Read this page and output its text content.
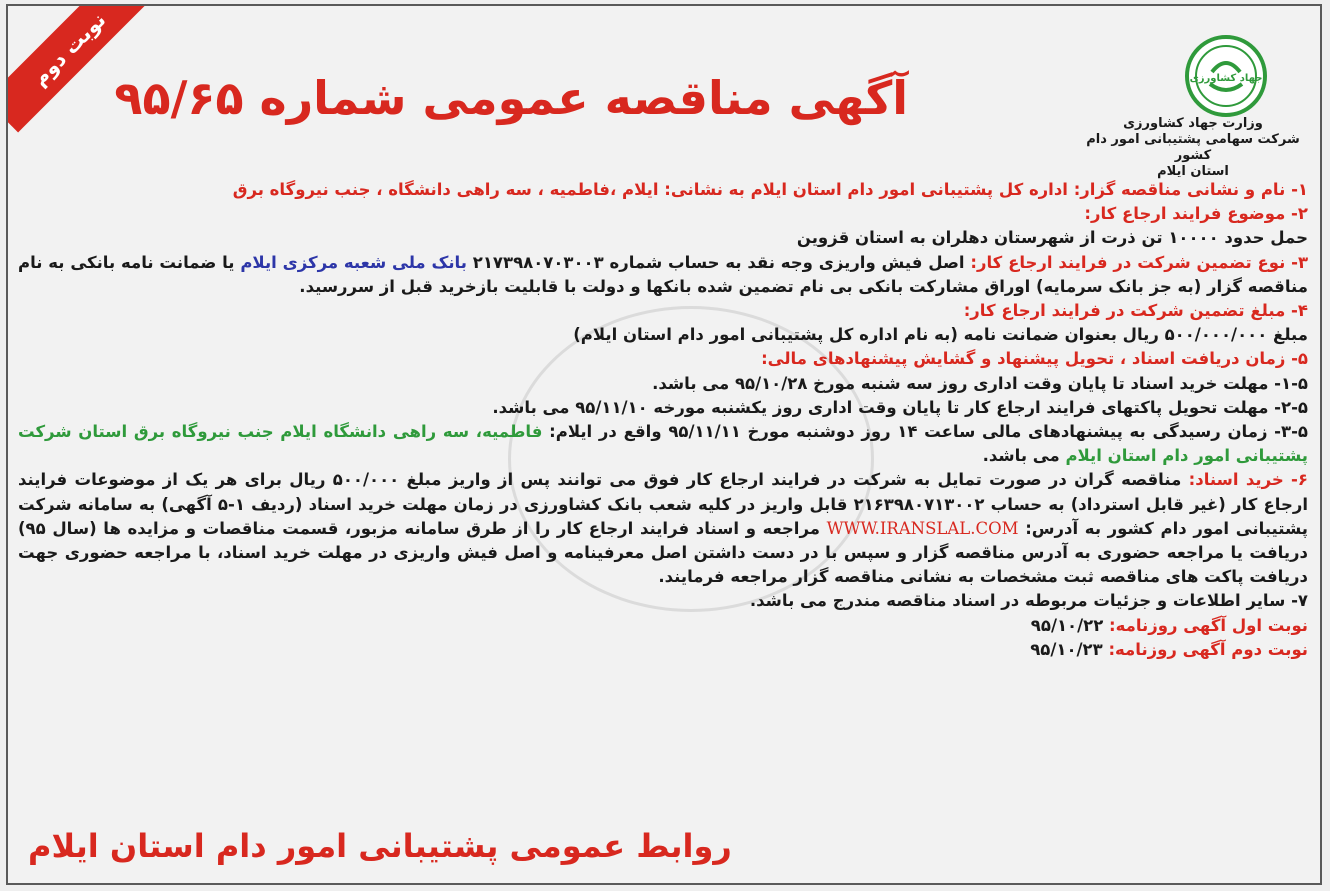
نوبت دوم
آگهی مناقصه عمومی شماره ۹۵/۶۵	جهاد کشاورزی
وزارت جهاد کشاورزی
شرکت سهامی پشتیبانی امور دام کشور
استان ایلام

۱- نام و نشانی مناقصه گزار: اداره کل پشتیبانی امور دام استان ایلام به نشانی: ایلام ،فاطمیه ، سه راهی دانشگاه ، جنب نیروگاه برق

۲- موضوع فرایند ارجاع کار:

حمل حدود ۱۰۰۰۰ تن ذرت از شهرستان دهلران به استان قزوین

۳- نوع تضمین شرکت در فرایند ارجاع کار: اصل فیش واریزی وجه نقد به حساب شماره ۲۱۷۳۹۸۰۷۰۳۰۰۳ بانک ملی شعبه مرکزی ایلام یا ضمانت نامه بانکی به نام مناقصه گزار (به جز بانک سرمایه) اوراق مشارکت بانکی بی نام تضمین شده بانکها و دولت با قابلیت بازخرید قبل از سررسید.

۴- مبلغ تضمین شرکت در فرایند ارجاع کار:

مبلغ ۵۰۰/۰۰۰/۰۰۰ ریال بعنوان ضمانت نامه (به نام اداره کل پشتیبانی امور دام استان ایلام)

۵- زمان دریافت اسناد ، تحویل پیشنهاد و گشایش پیشنهادهای مالی:

۱-۵- مهلت خرید اسناد تا پایان وقت اداری روز سه شنبه مورخ ۹۵/۱۰/۲۸ می باشد.

۲-۵- مهلت تحویل پاکتهای فرایند ارجاع کار تا پایان وقت اداری روز یکشنبه مورخه ۹۵/۱۱/۱۰ می باشد.

۳-۵- زمان رسیدگی به پیشنهادهای مالی ساعت ۱۴ روز دوشنبه مورخ ۹۵/۱۱/۱۱ واقع در ایلام: فاطمیه، سه راهی دانشگاه ایلام جنب نیروگاه برق استان شرکت پشتیبانی امور دام استان ایلام می باشد.

۶- خرید اسناد: مناقصه گران در صورت تمایل به شرکت در فرایند ارجاع کار فوق می توانند پس از واریز مبلغ ۵۰۰/۰۰۰ ریال برای هر یک از موضوعات فرایند ارجاع کار (غیر قابل استرداد) به حساب ۲۱۶۳۹۸۰۷۱۳۰۰۲ قابل واریز در کلیه شعب بانک کشاورزی در زمان مهلت خرید اسناد (ردیف ۱-۵ آگهی) به سامانه شرکت پشتیبانی امور دام کشور به آدرس: WWW.IRANSLAL.COM مراجعه و اسناد فرایند ارجاع کار را از طرق سامانه مزبور، قسمت مناقصات و مزایده ها (سال ۹۵) دریافت یا مراجعه حضوری به آدرس مناقصه گزار و سپس با در دست داشتن اصل معرفینامه و اصل فیش واریزی در مهلت خرید اسناد، با مراجعه حضوری جهت دریافت پاکت های مناقصه ثبت مشخصات به نشانی مناقصه گزار مراجعه فرمایند.

۷- سایر اطلاعات و جزئیات مربوطه در اسناد مناقصه مندرج می باشد.

نوبت اول آگهی روزنامه: ۹۵/۱۰/۲۲

نوبت دوم آگهی روزنامه: ۹۵/۱۰/۲۳

روابط عمومی پشتیبانی امور دام استان ایلام
